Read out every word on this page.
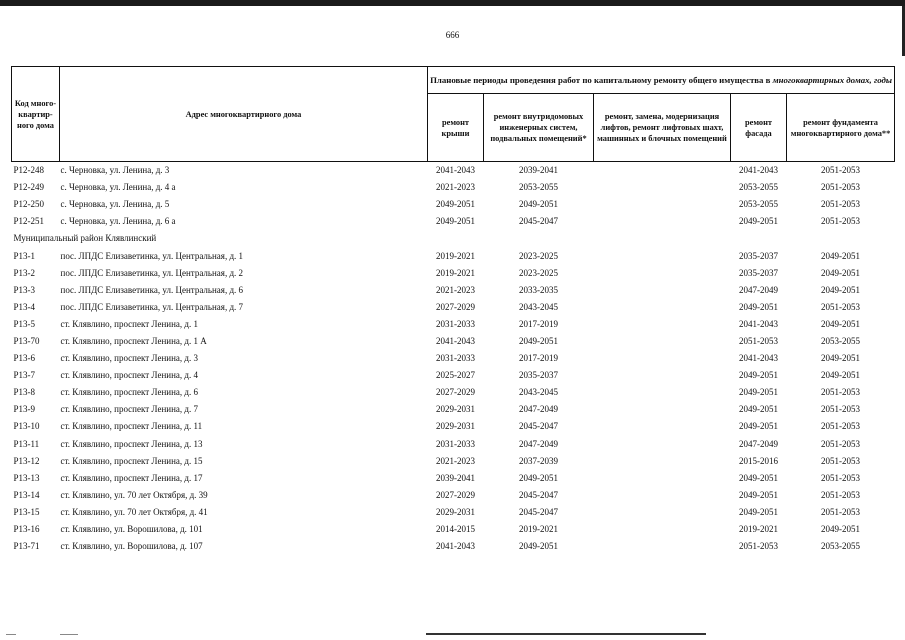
666
Код много-квартир-ного дома	Адрес многоквартирного дома	Плановые периоды проведения работ по капитальному ремонту общего имущества в многоквартирных домах, годы				
		ремонт крыши	ремонт внутридомовых инженерных систем, подвальных помещений*	ремонт, замена, модернизация лифтов, ремонт лифтовых шахт, машинных и блочных помещений	ремонт фасада	ремонт фундамента многоквартирного дома**
Р12-248	с. Черновка, ул. Ленина, д. 3	2041-2043	2039-2041		2041-2043	2051-2053
Р12-249	с. Черновка, ул. Ленина, д. 4 а	2021-2023	2053-2055		2053-2055	2051-2053
Р12-250	с. Черновка, ул. Ленина, д. 5	2049-2051	2049-2051		2053-2055	2051-2053
Р12-251	с. Черновка, ул. Ленина, д. 6 а	2049-2051	2045-2047		2049-2051	2051-2053
Муниципальный район Клявлинский						
Р13-1	пос. ЛПДС Елизаветинка, ул. Центральная, д. 1	2019-2021	2023-2025		2035-2037	2049-2051
Р13-2	пос. ЛПДС Елизаветинка, ул. Центральная, д. 2	2019-2021	2023-2025		2035-2037	2049-2051
Р13-3	пос. ЛПДС Елизаветинка, ул. Центральная, д. 6	2021-2023	2033-2035		2047-2049	2049-2051
Р13-4	пос. ЛПДС Елизаветинка, ул. Центральная, д. 7	2027-2029	2043-2045		2049-2051	2051-2053
Р13-5	ст. Клявлино, проспект Ленина, д. 1	2031-2033	2017-2019		2041-2043	2049-2051
Р13-70	ст. Клявлино, проспект Ленина, д. 1 А	2041-2043	2049-2051		2051-2053	2053-2055
Р13-6	ст. Клявлино, проспект Ленина, д. 3	2031-2033	2017-2019		2041-2043	2049-2051
Р13-7	ст. Клявлино, проспект Ленина, д. 4	2025-2027	2035-2037		2049-2051	2049-2051
Р13-8	ст. Клявлино, проспект Ленина, д. 6	2027-2029	2043-2045		2049-2051	2051-2053
Р13-9	ст. Клявлино, проспект Ленина, д. 7	2029-2031	2047-2049		2049-2051	2051-2053
Р13-10	ст. Клявлино, проспект Ленина, д. 11	2029-2031	2045-2047		2049-2051	2051-2053
Р13-11	ст. Клявлино, проспект Ленина, д. 13	2031-2033	2047-2049		2047-2049	2051-2053
Р13-12	ст. Клявлино, проспект Ленина, д. 15	2021-2023	2037-2039		2015-2016	2051-2053
Р13-13	ст. Клявлино, проспект Ленина, д. 17	2039-2041	2049-2051		2049-2051	2051-2053
Р13-14	ст. Клявлино, ул. 70 лет Октября, д. 39	2027-2029	2045-2047		2049-2051	2051-2053
Р13-15	ст. Клявлино, ул. 70 лет Октября, д. 41	2029-2031	2045-2047		2049-2051	2051-2053
Р13-16	ст. Клявлино, ул. Ворошилова, д. 101	2014-2015	2019-2021		2019-2021	2049-2051
Р13-71	ст. Клявлино, ул. Ворошилова, д. 107	2041-2043	2049-2051		2051-2053	2053-2055
